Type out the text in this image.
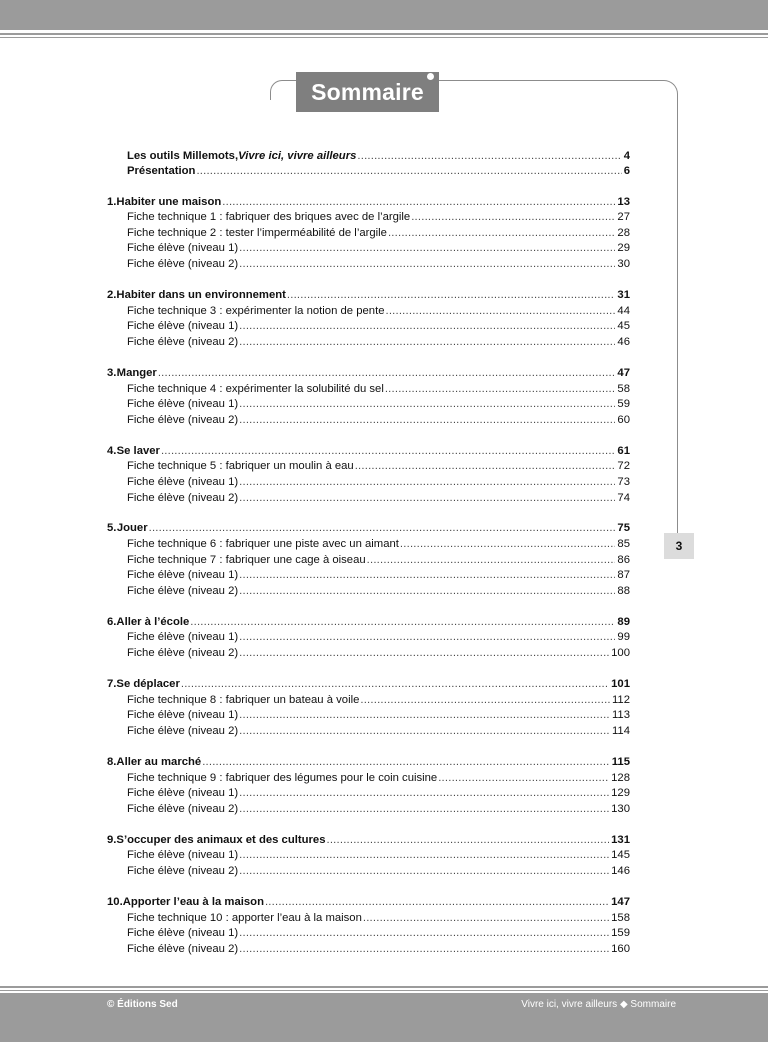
Sommaire
Les outils Millemots, Vivre ici, vivre ailleurs .....	4
Présentation .....	6
1. Habiter une maison .....	13
Fiche technique 1 : fabriquer des briques avec de l’argile .....	27
Fiche technique 2 : tester l’imperméabilité de l’argile .....	28
Fiche élève (niveau 1) .....	29
Fiche élève (niveau 2) .....	30
2. Habiter dans un environnement .....	31
Fiche technique 3 : expérimenter la notion de pente .....	44
Fiche élève (niveau 1) .....	45
Fiche élève (niveau 2) .....	46
3. Manger .....	47
Fiche technique 4 : expérimenter la solubilité du sel .....	58
Fiche élève (niveau 1) .....	59
Fiche élève (niveau 2) .....	60
4. Se laver .....	61
Fiche technique 5 : fabriquer un moulin à eau .....	72
Fiche élève (niveau 1) .....	73
Fiche élève (niveau 2) .....	74
5. Jouer .....	75
Fiche technique 6 : fabriquer une piste avec un aimant .....	85
Fiche technique 7 : fabriquer une cage à oiseau .....	86
Fiche élève (niveau 1) .....	87
Fiche élève (niveau 2) .....	88
6. Aller à l’école .....	89
Fiche élève (niveau 1) .....	99
Fiche élève (niveau 2) .....	100
7. Se déplacer .....	101
Fiche technique 8 : fabriquer un bateau à voile .....	112
Fiche élève (niveau 1) .....	113
Fiche élève (niveau 2) .....	114
8. Aller au marché .....	115
Fiche technique 9 : fabriquer des légumes pour le coin cuisine .....	128
Fiche élève (niveau 1) .....	129
Fiche élève (niveau 2) .....	130
9. S’occuper des animaux et des cultures .....	131
Fiche élève (niveau 1) .....	145
Fiche élève (niveau 2) .....	146
10. Apporter l’eau à la maison .....	147
Fiche technique 10 : apporter l’eau à la maison .....	158
Fiche élève (niveau 1) .....	159
Fiche élève (niveau 2) .....	160
3
© Éditions Sed	Vivre ici, vivre ailleurs ◆ Sommaire
